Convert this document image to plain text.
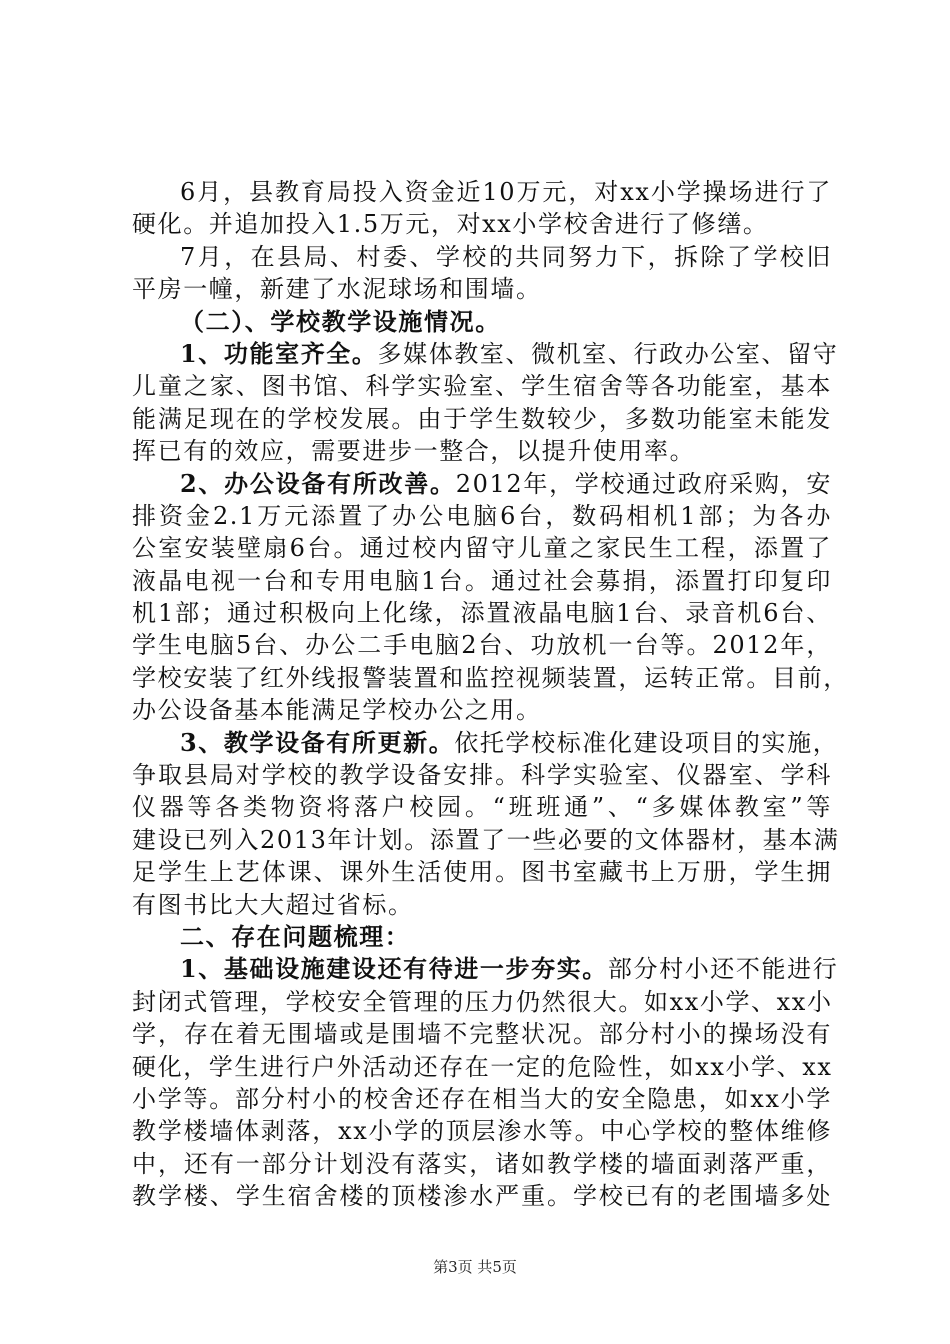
6月，县教育局投入资金近10万元，对xx小学操场进行了
硬化。并追加投入1.5万元，对xx小学校舍进行了修缮。
7月，在县局、村委、学校的共同努力下，拆除了学校旧
平房一幢，新建了水泥球场和围墙。
（二）、学校教学设施情况。
1、功能室齐全。多媒体教室、微机室、行政办公室、留守
儿童之家、图书馆、科学实验室、学生宿舍等各功能室，基本
能满足现在的学校发展。由于学生数较少，多数功能室未能发
挥已有的效应，需要进步一整合，以提升使用率。
2、办公设备有所改善。2012年，学校通过政府采购，安
排资金2.1万元添置了办公电脑6台，数码相机1部；为各办
公室安装壁扇6台。通过校内留守儿童之家民生工程，添置了
液晶电视一台和专用电脑1台。通过社会募捐，添置打印复印
机1部；通过积极向上化缘，添置液晶电脑1台、录音机6台、
学生电脑5台、办公二手电脑2台、功放机一台等。2012年，
学校安装了红外线报警装置和监控视频装置，运转正常。目前，
办公设备基本能满足学校办公之用。
3、教学设备有所更新。依托学校标准化建设项目的实施，
争取县局对学校的教学设备安排。科学实验室、仪器室、学科
仪器等各类物资将落户校园。“班班通”、“多媒体教室”等
建设已列入2013年计划。添置了一些必要的文体器材，基本满
足学生上艺体课、课外生活使用。图书室藏书上万册，学生拥
有图书比大大超过省标。
二、存在问题梳理：
1、基础设施建设还有待进一步夯实。部分村小还不能进行
封闭式管理，学校安全管理的压力仍然很大。如xx小学、xx小
学，存在着无围墙或是围墙不完整状况。部分村小的操场没有
硬化，学生进行户外活动还存在一定的危险性，如xx小学、xx
小学等。部分村小的校舍还存在相当大的安全隐患，如xx小学
教学楼墙体剥落，xx小学的顶层渗水等。中心学校的整体维修
中，还有一部分计划没有落实，诸如教学楼的墙面剥落严重，
教学楼、学生宿舍楼的顶楼渗水严重。学校已有的老围墙多处
第3页 共5页
